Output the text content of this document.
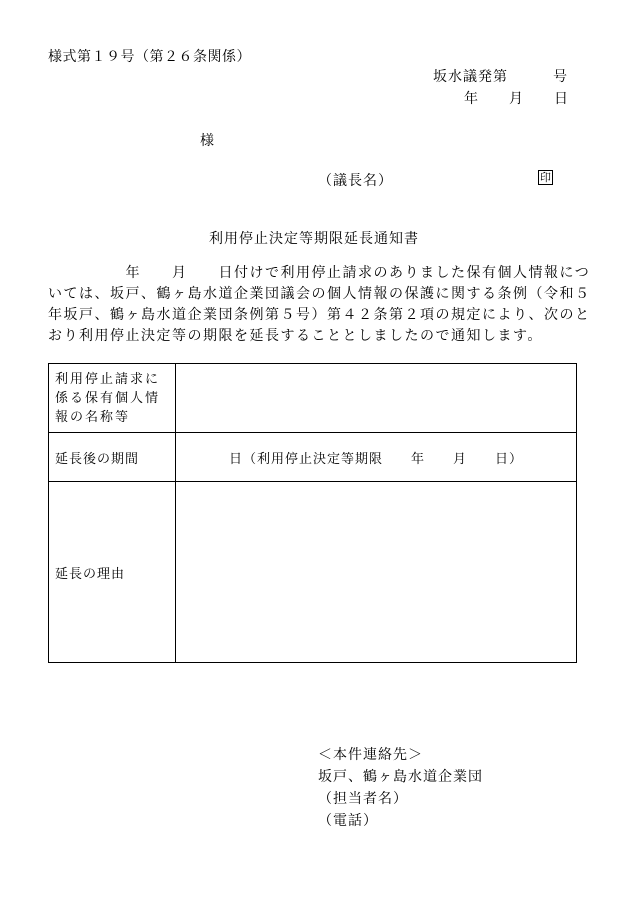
様式第１９号（第２６条関係）
坂水議発第　　　号
年　　月　　日
様
（議長名）	印
利用停止決定等期限延長通知書
　　　　　年　　月　　日付けで利用停止請求のありました保有個人情報につ
いては、坂戸、鶴ヶ島水道企業団議会の個人情報の保護に関する条例（令和５
年坂戸、鶴ヶ島水道企業団条例第５号）第４２条第２項の規定により、次のと
おり利用停止決定等の期限を延長することとしましたので通知します。
利用停止請求に係る保有個人情報の名称等	
延長後の期間	日（利用停止決定等期限　　年　　月　　日）
延長の理由	
＜本件連絡先＞
坂戸、鶴ヶ島水道企業団
（担当者名）
（電話）
